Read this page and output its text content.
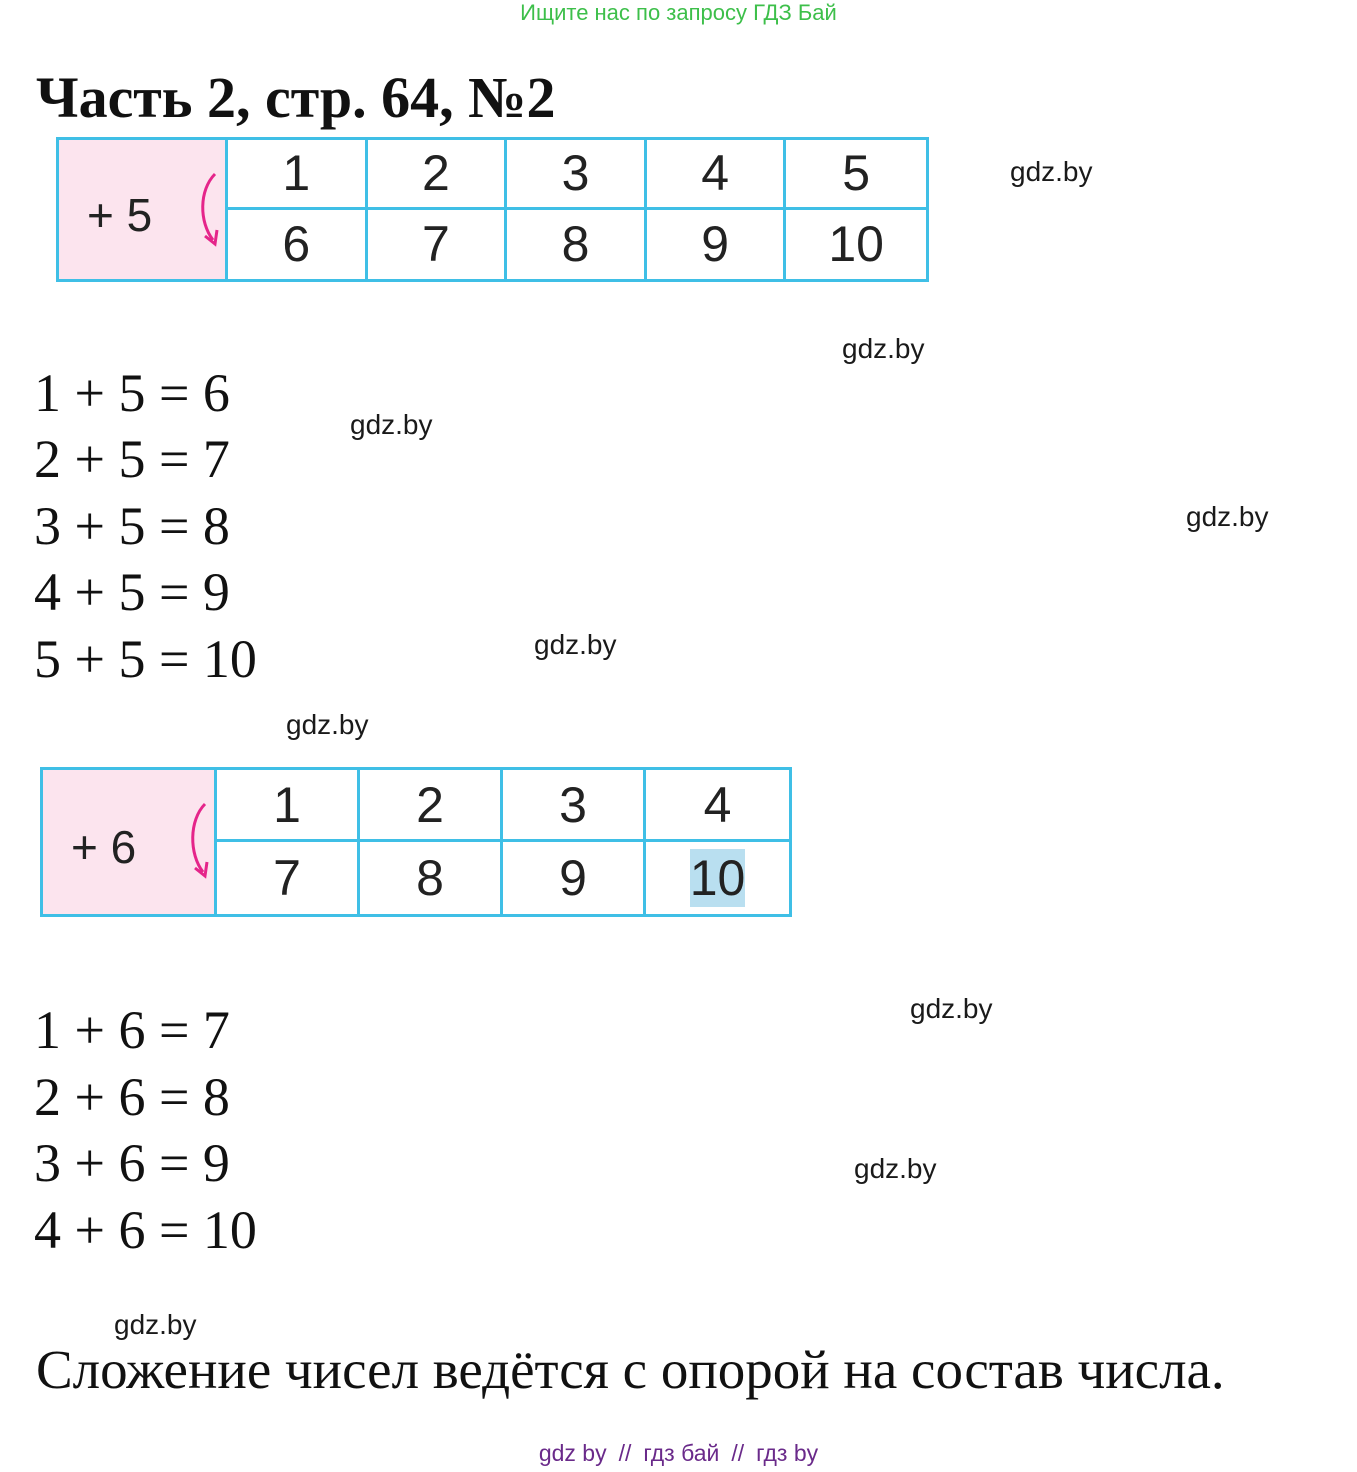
Ищите нас по запросу ГДЗ Бай
Часть 2, стр. 64, №2
+ 5
1	2	3	4	5
6	7	8	9	10
gdz.by
gdz.by
gdz.by
gdz.by
gdz.by
gdz.by
1 + 5 = 6
2 + 5 = 7
3 + 5 = 8
4 + 5 = 9
5 + 5 = 10
+ 6
1	2	3	4
7	8	9	10
gdz.by
gdz.by
gdz.by
1 + 6 = 7
2 + 6 = 8
3 + 6 = 9
4 + 6 = 10
Сложение чисел ведётся с опорой на состав числа.
gdz by // гдз бай // гдз by
